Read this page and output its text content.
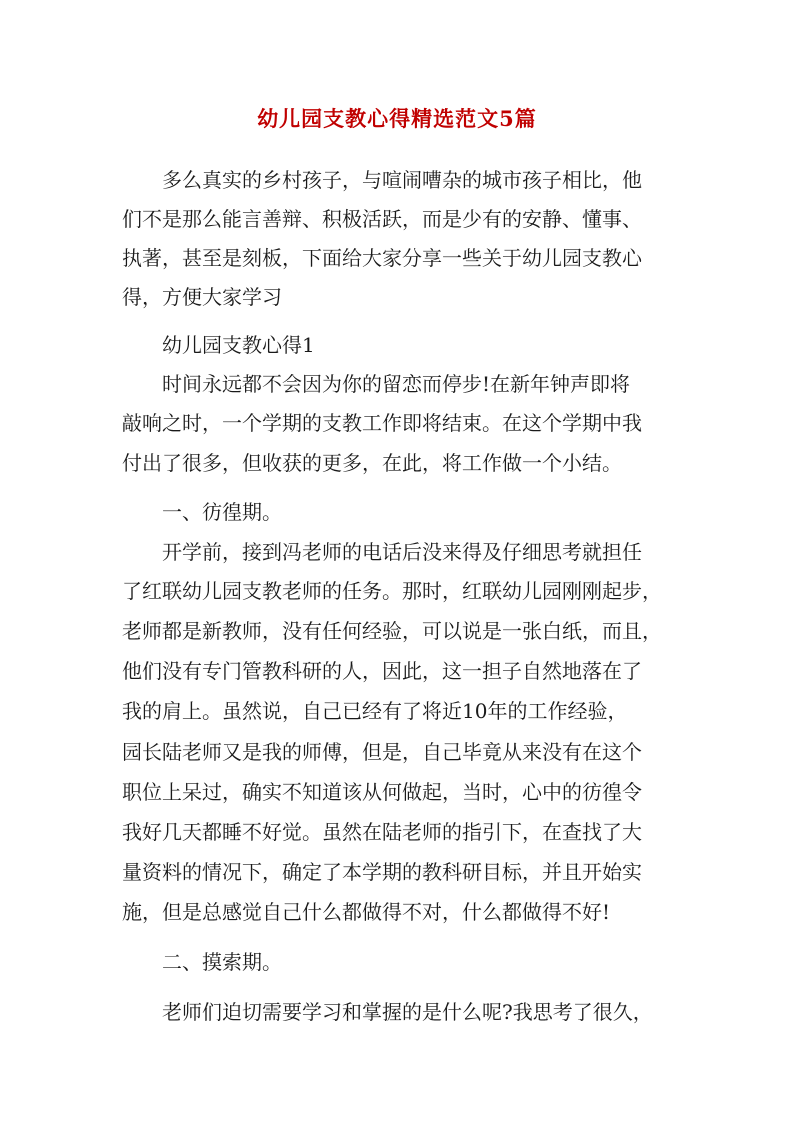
幼儿园支教心得精选范文5篇
多么真实的乡村孩子，与喧闹嘈杂的城市孩子相比，他
们不是那么能言善辩、积极活跃，而是少有的安静、懂事、
执著，甚至是刻板，下面给大家分享一些关于幼儿园支教心
得，方便大家学习
幼儿园支教心得1
时间永远都不会因为你的留恋而停步!在新年钟声即将
敲响之时，一个学期的支教工作即将结束。在这个学期中我
付出了很多，但收获的更多，在此，将工作做一个小结。
一、彷徨期。
开学前，接到冯老师的电话后没来得及仔细思考就担任
了红联幼儿园支教老师的任务。那时，红联幼儿园刚刚起步，
老师都是新教师，没有任何经验，可以说是一张白纸，而且，
他们没有专门管教科研的人，因此，这一担子自然地落在了
我的肩上。虽然说，自己已经有了将近10年的工作经验，
园长陆老师又是我的师傅，但是，自己毕竟从来没有在这个
职位上呆过，确实不知道该从何做起，当时，心中的彷徨令
我好几天都睡不好觉。虽然在陆老师的指引下，在查找了大
量资料的情况下，确定了本学期的教科研目标，并且开始实
施，但是总感觉自己什么都做得不对，什么都做得不好!
二、摸索期。
老师们迫切需要学习和掌握的是什么呢?我思考了很久，
